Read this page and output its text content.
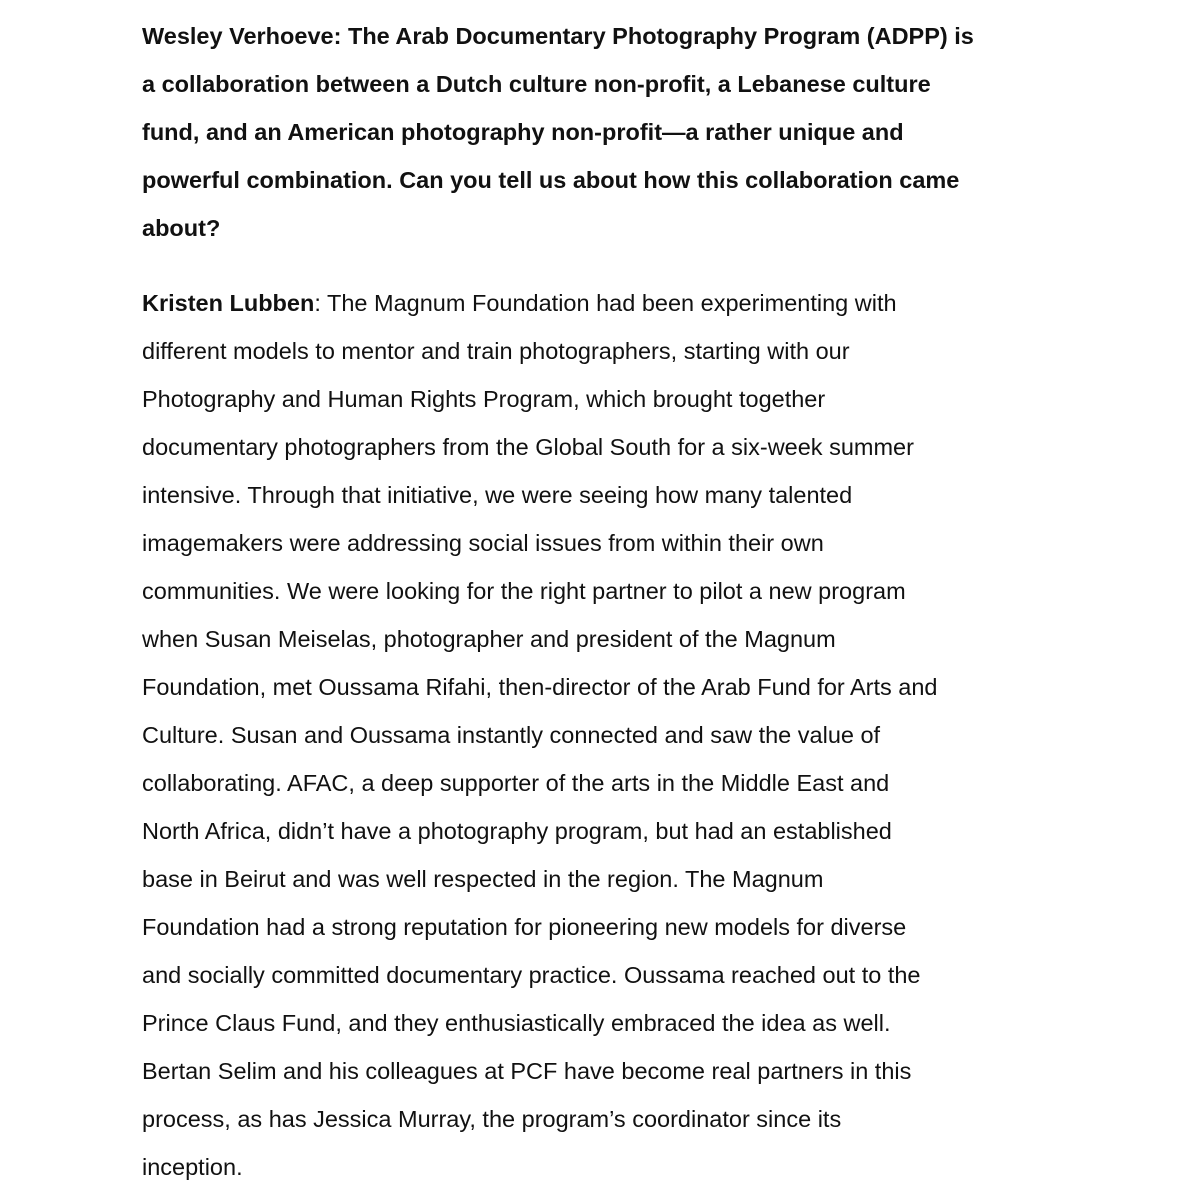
Wesley Verhoeve: The Arab Documentary Photography Program (ADPP) is
a collaboration between a Dutch culture non-profit, a Lebanese culture
fund, and an American photography non-profit—a rather unique and
powerful combination. Can you tell us about how this collaboration came
about?

Kristen Lubben: The Magnum Foundation had been experimenting with
different models to mentor and train photographers, starting with our
Photography and Human Rights Program, which brought together
documentary photographers from the Global South for a six-week summer
intensive. Through that initiative, we were seeing how many talented
imagemakers were addressing social issues from within their own
communities. We were looking for the right partner to pilot a new program
when Susan Meiselas, photographer and president of the Magnum
Foundation, met Oussama Rifahi, then-director of the Arab Fund for Arts and
Culture. Susan and Oussama instantly connected and saw the value of
collaborating. AFAC, a deep supporter of the arts in the Middle East and
North Africa, didn’t have a photography program, but had an established
base in Beirut and was well respected in the region. The Magnum
Foundation had a strong reputation for pioneering new models for diverse
and socially committed documentary practice. Oussama reached out to the
Prince Claus Fund, and they enthusiastically embraced the idea as well.
Bertan Selim and his colleagues at PCF have become real partners in this
process, as has Jessica Murray, the program’s coordinator since its
inception.
